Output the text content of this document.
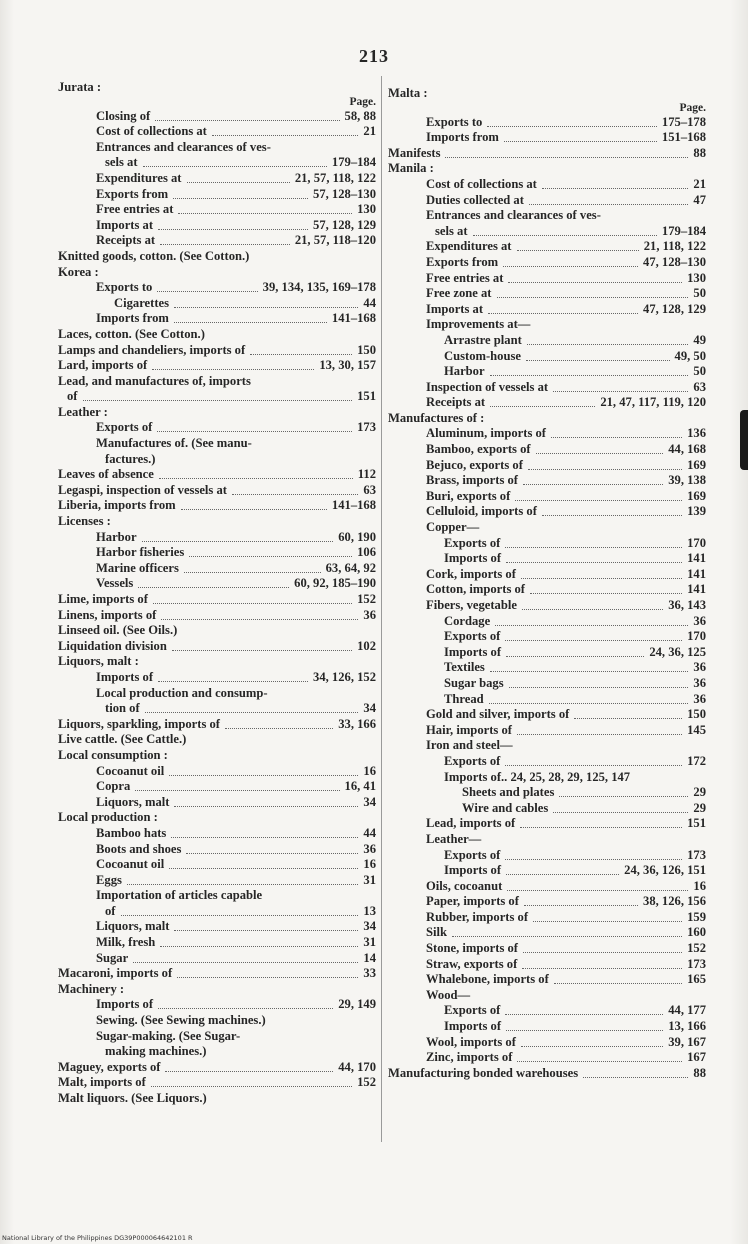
213
Jurata :
Page.
Closing of	58, 88
Cost of collections at	21
Entrances and clearances of ves-
sels at	179–184
Expenditures at	21, 57, 118, 122
Exports from	57, 128–130
Free entries at	130
Imports at	57, 128, 129
Receipts at	21, 57, 118–120
Knitted goods, cotton. (See Cotton.)
Korea :
Exports to	39, 134, 135, 169–178
Cigarettes	44
Imports from	141–168
Laces, cotton. (See Cotton.)
Lamps and chandeliers, imports of	150
Lard, imports of	13, 30, 157
Lead, and manufactures of, imports
of	151
Leather :
Exports of	173
Manufactures of. (See manu-
factures.)
Leaves of absence	112
Legaspi, inspection of vessels at	63
Liberia, imports from	141–168
Licenses :
Harbor	60, 190
Harbor fisheries	106
Marine officers	63, 64, 92
Vessels	60, 92, 185–190
Lime, imports of	152
Linens, imports of	36
Linseed oil. (See Oils.)
Liquidation division	102
Liquors, malt :
Imports of	34, 126, 152
Local production and consump-
tion of	34
Liquors, sparkling, imports of	33, 166
Live cattle. (See Cattle.)
Local consumption :
Cocoanut oil	16
Copra	16, 41
Liquors, malt	34
Local production :
Bamboo hats	44
Boots and shoes	36
Cocoanut oil	16
Eggs	31
Importation of articles capable
of	13
Liquors, malt	34
Milk, fresh	31
Sugar	14
Macaroni, imports of	33
Machinery :
Imports of	29, 149
Sewing. (See Sewing machines.)
Sugar-making. (See Sugar-
making machines.)
Maguey, exports of	44, 170
Malt, imports of	152
Malt liquors. (See Liquors.)
Malta :
Page.
Exports to	175–178
Imports from	151–168
Manifests	88
Manila :
Cost of collections at	21
Duties collected at	47
Entrances and clearances of ves-
sels at	179–184
Expenditures at	21, 118, 122
Exports from	47, 128–130
Free entries at	130
Free zone at	50
Imports at	47, 128, 129
Improvements at—
Arrastre plant	49
Custom-house	49, 50
Harbor	50
Inspection of vessels at	63
Receipts at	21, 47, 117, 119, 120
Manufactures of :
Aluminum, imports of	136
Bamboo, exports of	44, 168
Bejuco, exports of	169
Brass, imports of	39, 138
Buri, exports of	169
Celluloid, imports of	139
Copper—
Exports of	170
Imports of	141
Cork, imports of	141
Cotton, imports of	141
Fibers, vegetable	36, 143
Cordage	36
Exports of	170
Imports of	24, 36, 125
Textiles	36
Sugar bags	36
Thread	36
Gold and silver, imports of	150
Hair, imports of	145
Iron and steel—
Exports of	172
Imports of.. 24, 25, 28, 29, 125, 147
Sheets and plates	29
Wire and cables	29
Lead, imports of	151
Leather—
Exports of	173
Imports of	24, 36, 126, 151
Oils, cocoanut	16
Paper, imports of	38, 126, 156
Rubber, imports of	159
Silk	160
Stone, imports of	152
Straw, exports of	173
Whalebone, imports of	165
Wood—
Exports of	44, 177
Imports of	13, 166
Wool, imports of	39, 167
Zinc, imports of	167
Manufacturing bonded warehouses	88
National Library of the Philippines DG39P000064642101 R
